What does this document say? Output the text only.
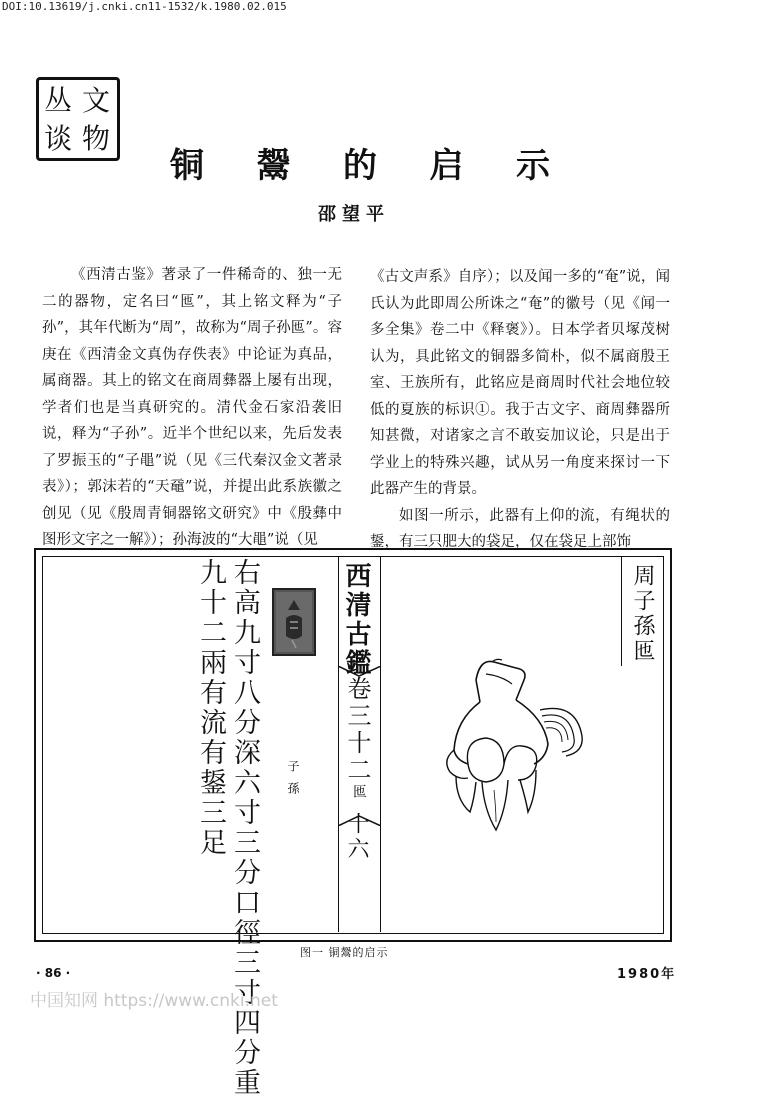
DOI:10.13619/j.cnki.cn11-1532/k.1980.02.015
丛 文
谈 物
铜 鬶 的 启 示
邵望平

《西清古鉴》著录了一件稀奇的、独一无二的器物，定名曰“匜”，其上铭文释为“子孙”，其年代断为“周”，故称为“周子孙匜”。容庚在《西清金文真伪存佚表》中论证为真品，属商器。其上的铭文在商周彝器上屡有出现，学者们也是当真研究的。清代金石家沿袭旧说，释为“子孙”。近半个世纪以来，先后发表了罗振玉的“子黽”说（见《三代秦汉金文著录表》）；郭沫若的“天黿”说，并提出此系族徽之创见（见《殷周青铜器铭文研究》中《殷彝中图形文字之一解》）；孙海波的“大黽”说（见

《古文声系》自序）；以及闻一多的“奄”说，闻氏认为此即周公所诛之“奄”的徽号（见《闻一多全集》卷二中《释褒》）。日本学者贝塚茂树认为，具此铭文的铜器多简朴，似不属商殷王室、王族所有，此铭应是商周时代社会地位较低的夏族的标识①。我于古文字、商周彝器所知甚微，对诸家之言不敢妄加议论，只是出于学业上的特殊兴趣，试从另一角度来探讨一下此器产生的背景。

如图一所示，此器有上仰的流，有绳状的鋬，有三只肥大的袋足，仅在袋足上部饰

右高九寸八分深六寸三分口徑三寸四分重
九十二兩有流有鋬三足	子孫
西清古鑑
卷三十二
匜
十六
周子孫匜
图一 铜鬶的启示
· 86 ·	1980年
中国知网 https://www.cnki.net
